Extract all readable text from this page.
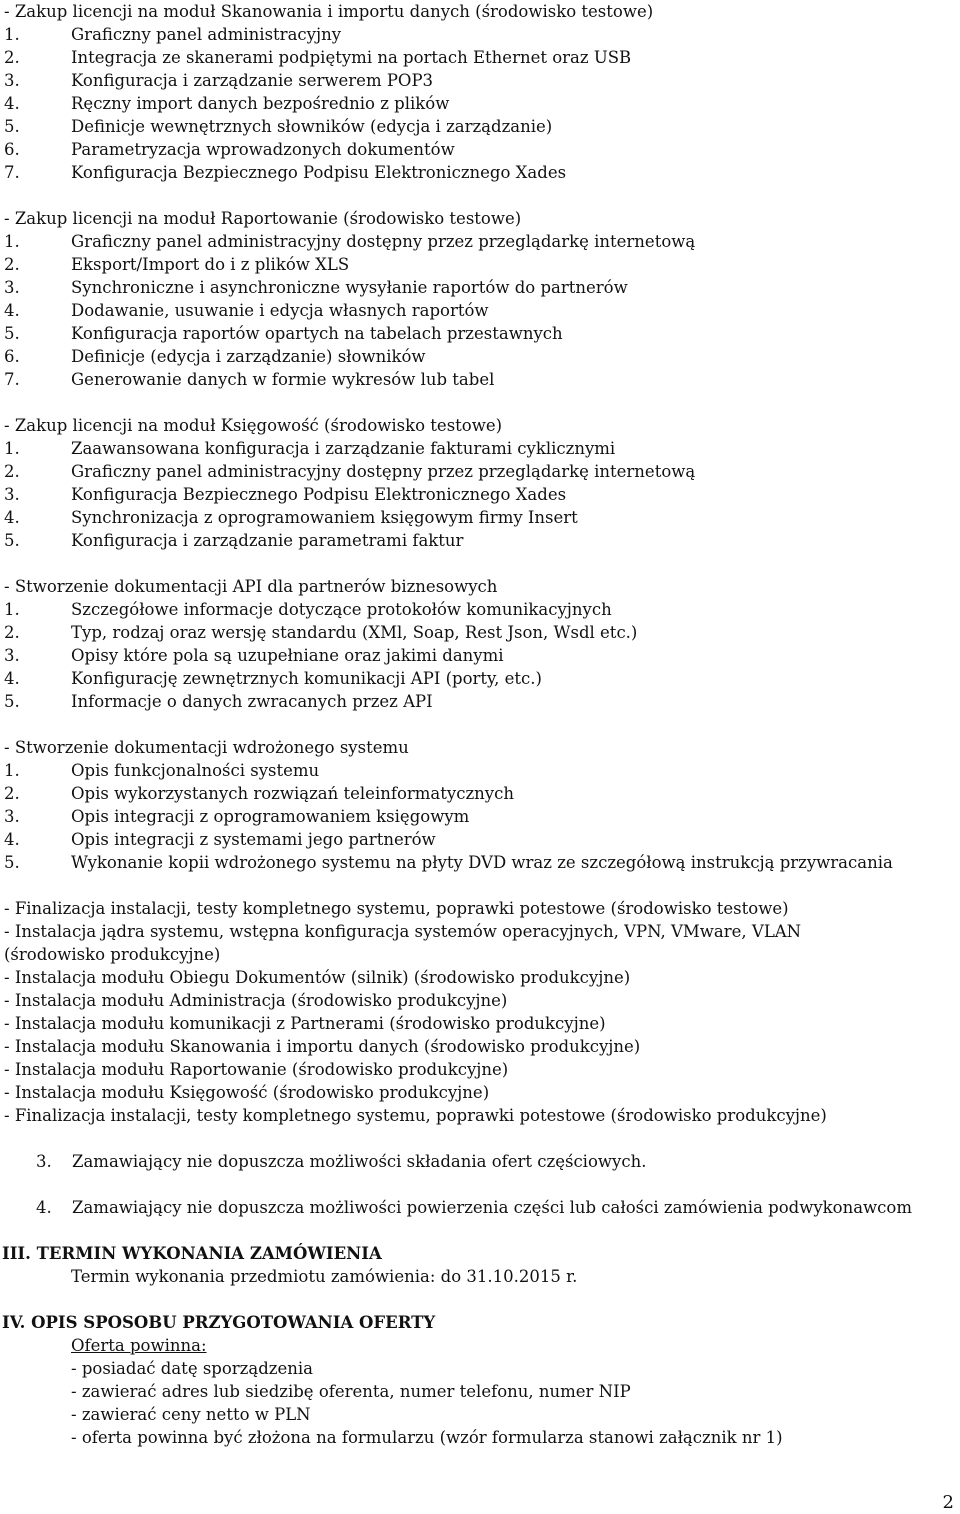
- Zakup licencji na moduł Skanowania i importu danych (środowisko testowe)
1.	Graficzny panel administracyjny
2.	Integracja ze skanerami podpiętymi na portach Ethernet oraz USB
3.	Konfiguracja i zarządzanie serwerem POP3
4.	Ręczny import danych bezpośrednio z plików
5.	Definicje wewnętrznych słowników (edycja i zarządzanie)
6.	Parametryzacja wprowadzonych dokumentów
7.	Konfiguracja Bezpiecznego Podpisu Elektronicznego Xades
- Zakup licencji na moduł Raportowanie (środowisko testowe)
1.	Graficzny panel administracyjny dostępny przez przeglądarkę internetową
2.	Eksport/Import do i z plików XLS
3.	Synchroniczne i asynchroniczne wysyłanie raportów do partnerów
4.	Dodawanie, usuwanie i edycja własnych raportów
5.	Konfiguracja raportów opartych na tabelach przestawnych
6.	Definicje (edycja i zarządzanie) słowników
7.	Generowanie danych w formie wykresów lub tabel
- Zakup licencji na moduł Księgowość (środowisko testowe)
1.	Zaawansowana konfiguracja i zarządzanie fakturami cyklicznymi
2.	Graficzny panel administracyjny dostępny przez przeglądarkę internetową
3.	Konfiguracja Bezpiecznego Podpisu Elektronicznego Xades
4.	Synchronizacja z oprogramowaniem księgowym firmy Insert
5.	Konfiguracja i zarządzanie parametrami faktur
- Stworzenie dokumentacji API dla partnerów biznesowych
1.	Szczegółowe informacje dotyczące protokołów komunikacyjnych
2.	Typ, rodzaj oraz wersję standardu (XMl, Soap, Rest Json, Wsdl etc.)
3.	Opisy które pola są uzupełniane oraz jakimi danymi
4.	Konfigurację zewnętrznych komunikacji API (porty, etc.)
5.	Informacje o danych zwracanych przez API
- Stworzenie dokumentacji wdrożonego systemu
1.	Opis funkcjonalności systemu
2.	Opis wykorzystanych rozwiązań teleinformatycznych
3.	Opis integracji z oprogramowaniem księgowym
4.	Opis integracji z systemami jego partnerów
5.	Wykonanie kopii wdrożonego systemu na płyty DVD wraz ze szczegółową instrukcją przywracania
- Finalizacja instalacji, testy kompletnego systemu, poprawki potestowe (środowisko testowe)
- Instalacja jądra systemu, wstępna konfiguracja systemów operacyjnych, VPN, VMware, VLAN
(środowisko produkcyjne)
- Instalacja modułu Obiegu Dokumentów (silnik) (środowisko produkcyjne)
- Instalacja modułu Administracja (środowisko produkcyjne)
- Instalacja modułu komunikacji z Partnerami (środowisko produkcyjne)
- Instalacja modułu Skanowania i importu danych (środowisko produkcyjne)
- Instalacja modułu Raportowanie (środowisko produkcyjne)
- Instalacja modułu Księgowość (środowisko produkcyjne)
- Finalizacja instalacji, testy kompletnego systemu, poprawki potestowe (środowisko produkcyjne)
3. Zamawiający nie dopuszcza możliwości składania ofert częściowych.
4. Zamawiający nie dopuszcza możliwości powierzenia części lub całości zamówienia podwykonawcom
III. TERMIN WYKONANIA ZAMÓWIENIA
Termin wykonania przedmiotu zamówienia: do 31.10.2015 r.
IV. OPIS SPOSOBU PRZYGOTOWANIA OFERTY
Oferta powinna:
- posiadać datę sporządzenia
- zawierać adres lub siedzibę oferenta, numer telefonu, numer NIP
- zawierać ceny netto w PLN
- oferta powinna być złożona na formularzu (wzór formularza stanowi załącznik nr 1)
2
